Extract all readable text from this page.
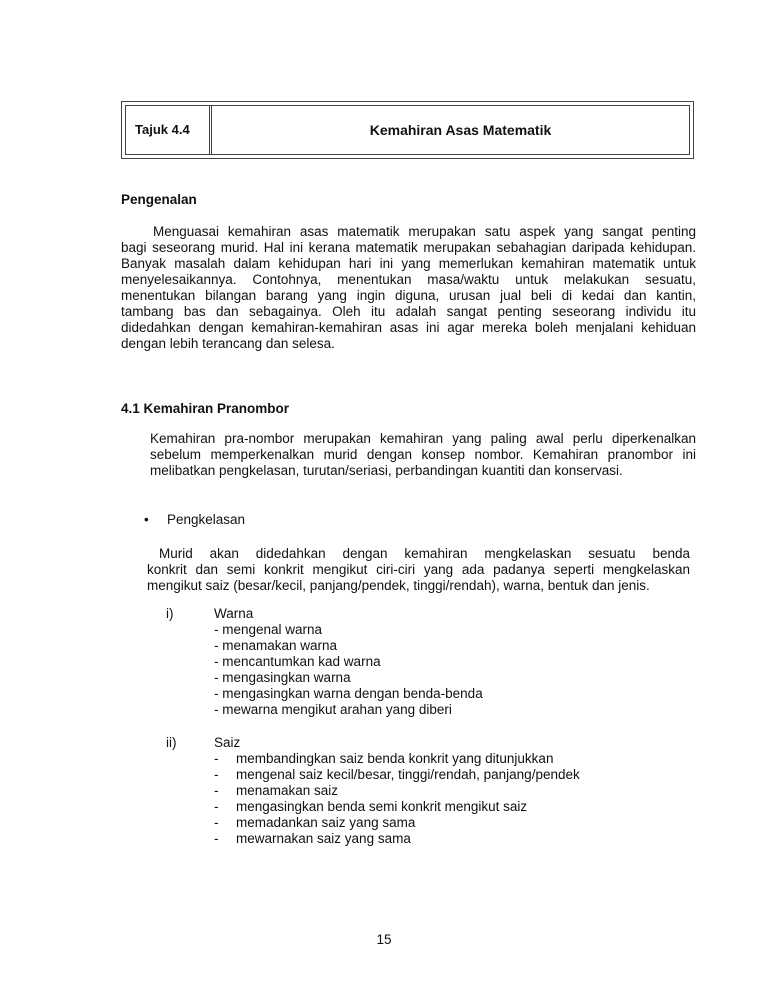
Tajuk 4.4	Kemahiran Asas Matematik
Pengenalan
Menguasai kemahiran asas matematik merupakan satu aspek yang sangat penting
bagi seseorang murid. Hal ini kerana matematik merupakan sebahagian daripada kehidupan.
Banyak masalah dalam kehidupan hari ini yang memerlukan kemahiran matematik untuk
menyelesaikannya. Contohnya, menentukan masa/waktu untuk melakukan sesuatu,
menentukan bilangan barang yang ingin diguna, urusan jual beli di kedai dan kantin,
tambang bas dan sebagainya. Oleh itu adalah sangat penting seseorang individu itu
didedahkan dengan kemahiran-kemahiran asas ini agar mereka boleh menjalani kehiduan
dengan lebih terancang dan selesa.
4.1 Kemahiran Pranombor
Kemahiran pra-nombor merupakan kemahiran yang paling awal perlu diperkenalkan
sebelum memperkenalkan murid dengan konsep nombor. Kemahiran pranombor ini
melibatkan pengkelasan, turutan/seriasi, perbandingan kuantiti dan konservasi.
• Pengkelasan
Murid akan didedahkan dengan kemahiran mengkelaskan sesuatu benda
konkrit dan semi konkrit mengikut ciri-ciri yang ada padanya seperti mengkelaskan
mengikut saiz (besar/kecil, panjang/pendek, tinggi/rendah), warna, bentuk dan jenis.
i)	Warna
- mengenal warna
- menamakan warna
- mencantumkan kad warna
- mengasingkan warna
- mengasingkan warna dengan benda-benda
- mewarna mengikut arahan yang diberi
ii)	Saiz
- membandingkan saiz benda konkrit yang ditunjukkan
- mengenal saiz kecil/besar, tinggi/rendah, panjang/pendek
- menamakan saiz
- mengasingkan benda semi konkrit mengikut saiz
- memadankan saiz yang sama
- mewarnakan saiz yang sama
15
